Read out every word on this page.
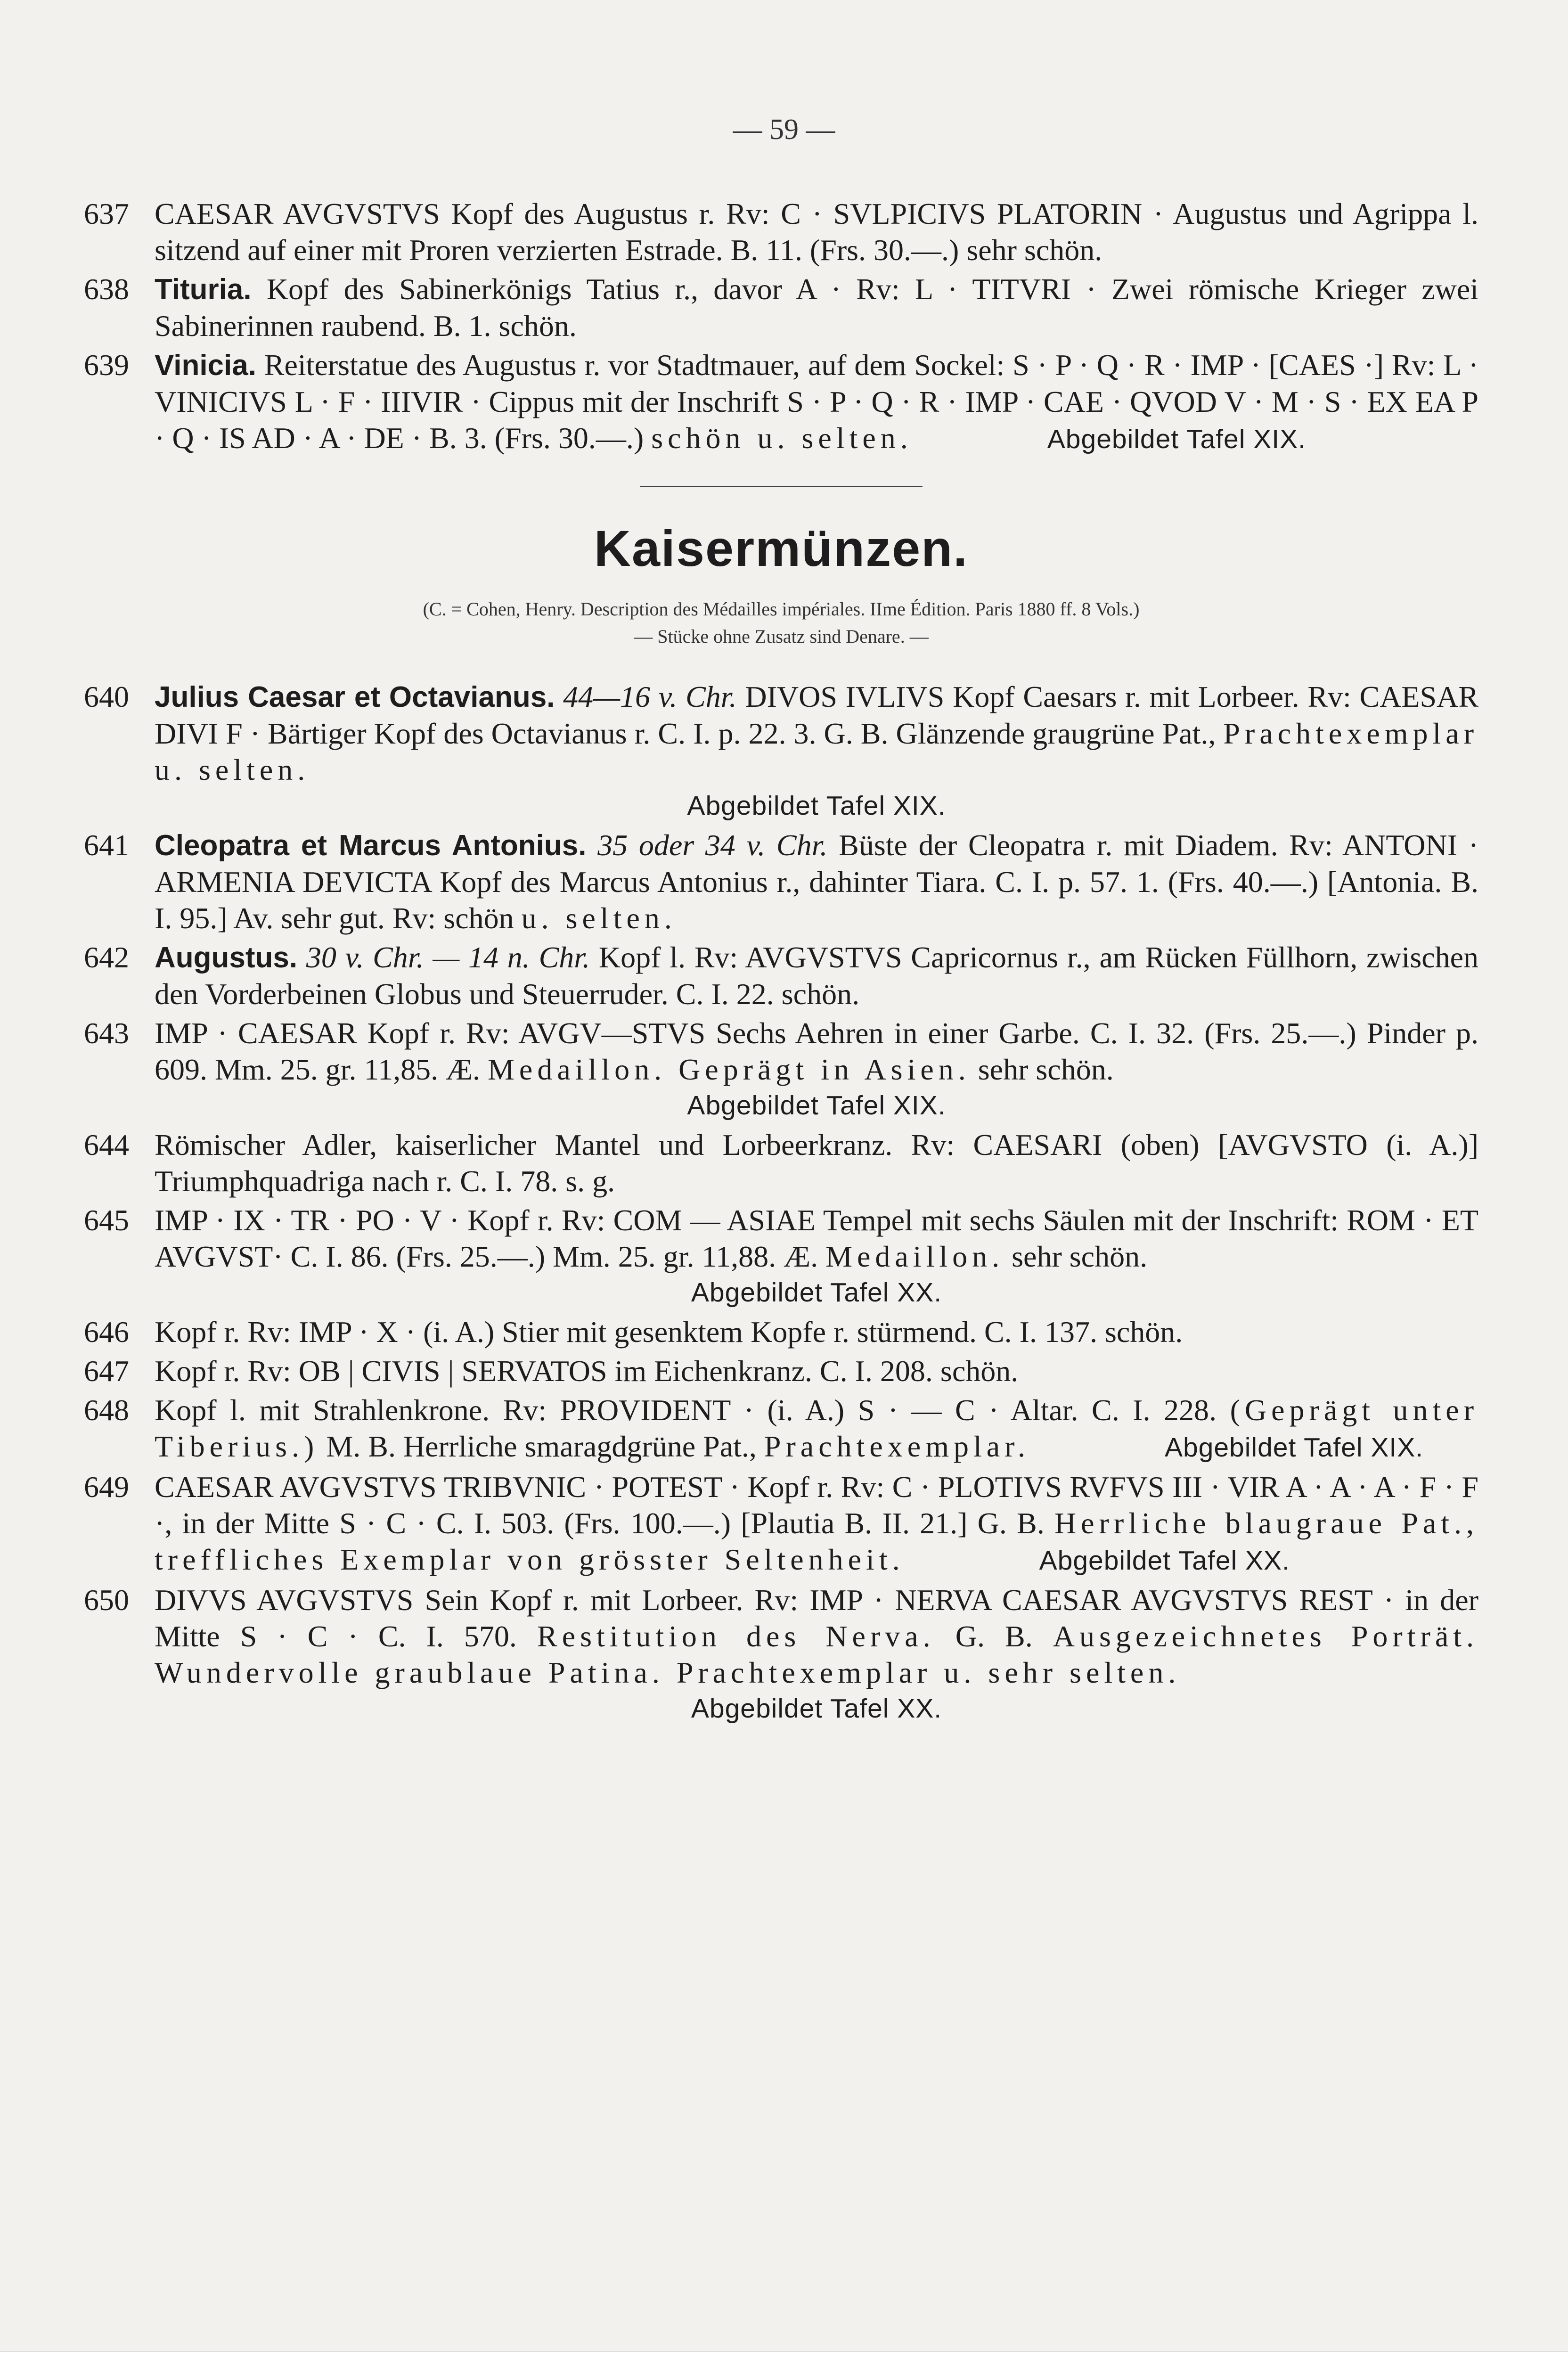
— 59 —
637 CAESAR AVGVSTVS Kopf des Augustus r. Rv: C · SVLPICIVS PLATORIN · Augustus und Agrippa l. sitzend auf einer mit Proren verzierten Estrade. B. 11. (Frs. 30.—.) sehr schön.
638 Tituria. Kopf des Sabinerkönigs Tatius r., davor A · Rv: L · TITVRI · Zwei römische Krieger zwei Sabinerinnen raubend. B. 1. schön.
639 Vinicia. Reiterstatue des Augustus r. vor Stadtmauer, auf dem Sockel: S · P · Q · R · IMP · [CAES ·] Rv: L · VINICIVS L · F · IIIVIR · Cippus mit der Inschrift S · P · Q · R · IMP · CAE · QVOD V · M · S · EX EA P · Q · IS AD · A · DE · B. 3. (Frs. 30.—.) schön u. selten.	Abgebildet Tafel XIX.
Kaisermünzen.
(C. = Cohen, Henry. Description des Médailles impériales. IIme Édition. Paris 1880 ff. 8 Vols.)
— Stücke ohne Zusatz sind Denare. —
640 Julius Caesar et Octavianus. 44—16 v. Chr. DIVOS IVLIVS Kopf Caesars r. mit Lorbeer. Rv: CAESAR DIVI F · Bärtiger Kopf des Octavianus r. C. I. p. 22. 3. G. B. Glänzende graugrüne Pat., Prachtexemplar u. selten.
Abgebildet Tafel XIX.
641 Cleopatra et Marcus Antonius. 35 oder 34 v. Chr. Büste der Cleopatra r. mit Diadem. Rv: ANTONI · ARMENIA DEVICTA Kopf des Marcus Antonius r., dahinter Tiara. C. I. p. 57. 1. (Frs. 40.—.) [Antonia. B. I. 95.] Av. sehr gut. Rv: schön u. selten.
642 Augustus. 30 v. Chr. — 14 n. Chr. Kopf l. Rv: AVGVSTVS Capricornus r., am Rücken Füllhorn, zwischen den Vorderbeinen Globus und Steuerruder. C. I. 22. schön.
643 IMP · CAESAR Kopf r. Rv: AVGV—STVS Sechs Aehren in einer Garbe. C. I. 32. (Frs. 25.—.) Pinder p. 609. Mm. 25. gr. 11,85. Æ. Medaillon. Geprägt in Asien. sehr schön.
Abgebildet Tafel XIX.
644 Römischer Adler, kaiserlicher Mantel und Lorbeerkranz. Rv: CAESARI (oben) [AVGVSTO (i. A.)] Triumphquadriga nach r. C. I. 78. s. g.
645 IMP · IX · TR · PO · V · Kopf r. Rv: COM — ASIAE Tempel mit sechs Säulen mit der Inschrift: ROM · ET AVGVST· C. I. 86. (Frs. 25.—.) Mm. 25. gr. 11,88. Æ. Medaillon. sehr schön.
Abgebildet Tafel XX.
646 Kopf r. Rv: IMP · X · (i. A.) Stier mit gesenktem Kopfe r. stürmend. C. I. 137. schön.
647 Kopf r. Rv: OB | CIVIS | SERVATOS im Eichenkranz. C. I. 208. schön.
648 Kopf l. mit Strahlenkrone. Rv: PROVIDENT · (i. A.) S · — C · Altar. C. I. 228. (Geprägt unter Tiberius.) M. B. Herrliche smaragdgrüne Pat., Prachtexemplar.	Abgebildet Tafel XIX.
649 CAESAR AVGVSTVS TRIBVNIC · POTEST · Kopf r. Rv: C · PLOTIVS RVFVS III · VIR A · A · A · F · F ·, in der Mitte S · C · C. I. 503. (Frs. 100.—.) [Plautia B. II. 21.] G. B. Herrliche blaugraue Pat., treffliches Exemplar von grösster Seltenheit.	Abgebildet Tafel XX.
650 DIVVS AVGVSTVS Sein Kopf r. mit Lorbeer. Rv: IMP · NERVA CAESAR AVGVSTVS REST · in der Mitte S · C · C. I. 570. Restitution des Nerva. G. B. Ausgezeichnetes Porträt. Wundervolle graublaue Patina. Prachtexemplar u. sehr selten.
Abgebildet Tafel XX.
